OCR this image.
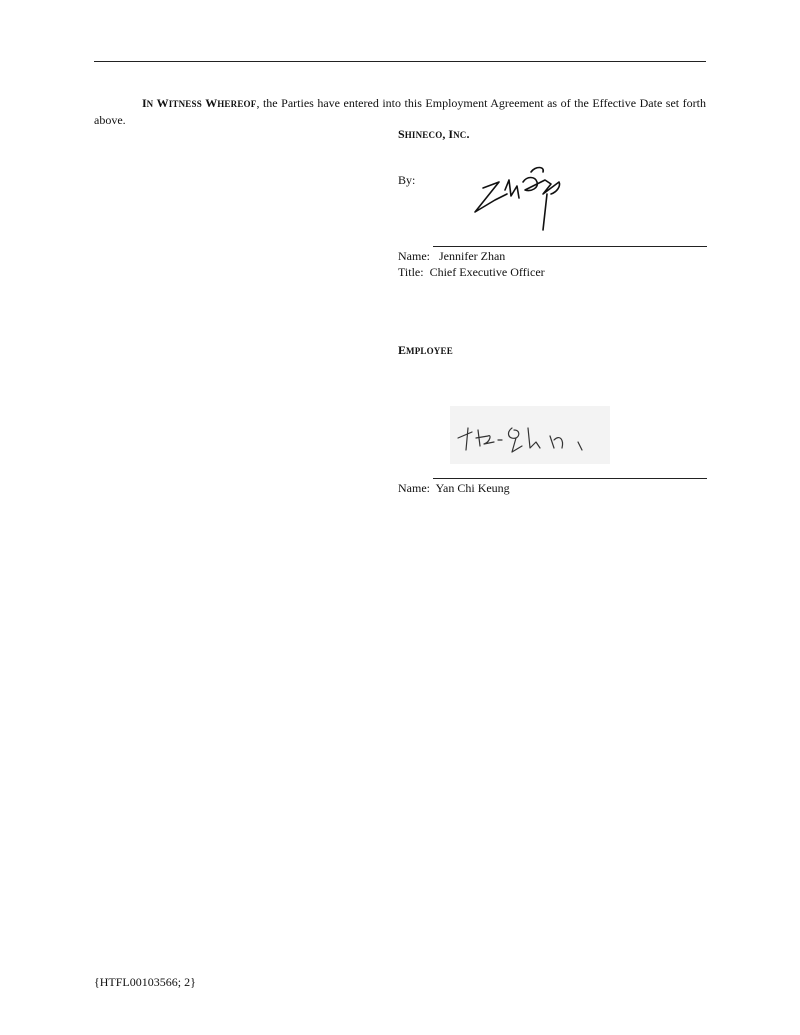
IN WITNESS WHEREOF, the Parties have entered into this Employment Agreement as of the Effective Date set forth above.

SHINECO, INC.
By:
Name: Jennifer Zhan
Title: Chief Executive Officer
EMPLOYEE
Name: Yan Chi Keung
{HTFL00103566; 2}
